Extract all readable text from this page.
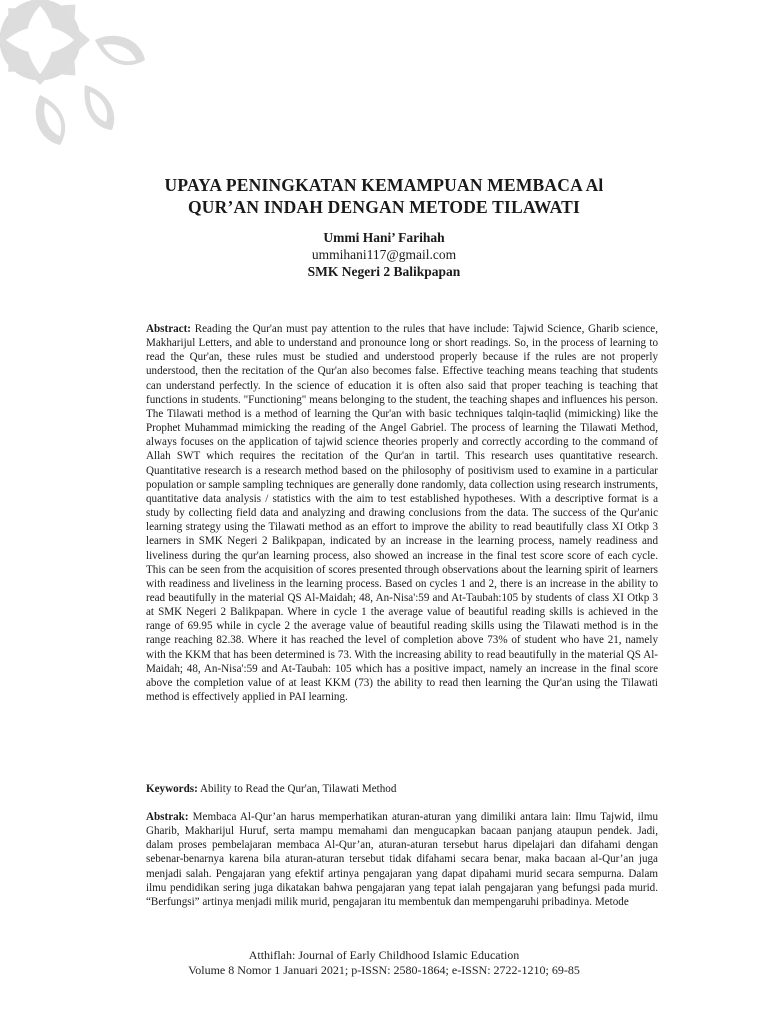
UPAYA PENINGKATAN KEMAMPUAN MEMBACA Al
QUR’AN INDAH DENGAN METODE TILAWATI
Ummi Hani’ Farihah
ummihani117@gmail.com
SMK Negeri 2 Balikpapan
Abstract: Reading the Qur'an must pay attention to the rules that have include: Tajwid Science, Gharib science, Makharijul Letters, and able to understand and pronounce long or short readings. So, in the process of learning to read the Qur'an, these rules must be studied and understood properly because if the rules are not properly understood, then the recitation of the Qur'an also becomes false. Effective teaching means teaching that students can understand perfectly. In the science of education it is often also said that proper teaching is teaching that functions in students. "Functioning" means belonging to the student, the teaching shapes and influences his person. The Tilawati method is a method of learning the Qur'an with basic techniques talqin-taqlid (mimicking) like the Prophet Muhammad mimicking the reading of the Angel Gabriel. The process of learning the Tilawati Method, always focuses on the application of tajwid science theories properly and correctly according to the command of Allah SWT which requires the recitation of the Qur'an in tartil. This research uses quantitative research. Quantitative research is a research method based on the philosophy of positivism used to examine in a particular population or sample sampling techniques are generally done randomly, data collection using research instruments, quantitative data analysis / statistics with the aim to test established hypotheses. With a descriptive format is a study by collecting field data and analyzing and drawing conclusions from the data. The success of the Qur'anic learning strategy using the Tilawati method as an effort to improve the ability to read beautifully class XI Otkp 3 learners in SMK Negeri 2 Balikpapan, indicated by an increase in the learning process, namely readiness and liveliness during the qur'an learning process, also showed an increase in the final test score score of each cycle. This can be seen from the acquisition of scores presented through observations about the learning spirit of learners with readiness and liveliness in the learning process. Based on cycles 1 and 2, there is an increase in the ability to read beautifully in the material QS Al-Maidah; 48, An-Nisa':59 and At-Taubah:105 by students of class XI Otkp 3 at SMK Negeri 2 Balikpapan. Where in cycle 1 the average value of beautiful reading skills is achieved in the range of 69.95 while in cycle 2 the average value of beautiful reading skills using the Tilawati method is in the range reaching 82.38. Where it has reached the level of completion above 73% of student who have 21, namely with the KKM that has been determined is 73. With the increasing ability to read beautifully in the material QS Al-Maidah; 48, An-Nisa':59 and At-Taubah: 105 which has a positive impact, namely an increase in the final score above the completion value of at least KKM (73) the ability to read then learning the Qur'an using the Tilawati method is effectively applied in PAI learning.
Keywords: Ability to Read the Qur'an, Tilawati Method
Abstrak: Membaca Al-Qur’an harus memperhatikan aturan-aturan yang dimiliki antara lain: Ilmu Tajwid, ilmu Gharib, Makharijul Huruf, serta mampu memahami dan mengucapkan bacaan panjang ataupun pendek. Jadi, dalam proses pembelajaran membaca Al-Qur’an, aturan-aturan tersebut harus dipelajari dan difahami dengan sebenar-benarnya karena bila aturan-aturan tersebut tidak difahami secara benar, maka bacaan al-Qur’an juga menjadi salah. Pengajaran yang efektif artinya pengajaran yang dapat dipahami murid secara sempurna. Dalam ilmu pendidikan sering juga dikatakan bahwa pengajaran yang tepat ialah pengajaran yang befungsi pada murid. “Berfungsi” artinya menjadi milik murid, pengajaran itu membentuk dan mempengaruhi pribadinya. Metode
Atthiflah: Journal of Early Childhood Islamic Education
Volume 8 Nomor 1 Januari 2021; p-ISSN: 2580-1864; e-ISSN: 2722-1210; 69-85
